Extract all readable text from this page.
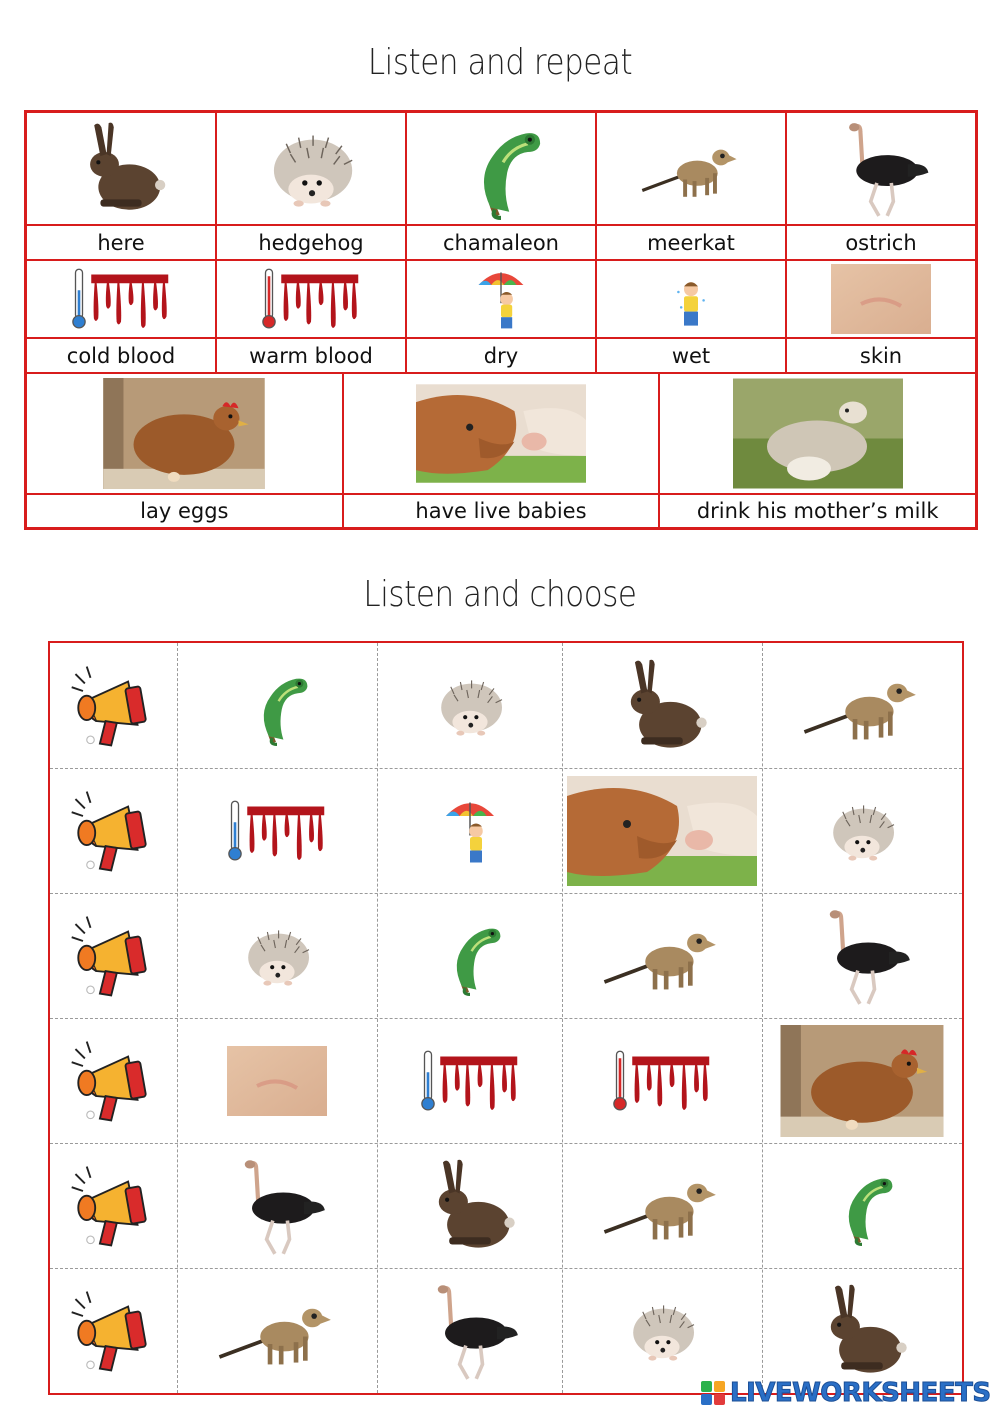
Listen and repeat
here	hedgehog	chamaleon	meerkat	ostrich
cold blood	warm blood	dry	wet	skin
lay eggs	have live babies	drink his mother’s milk
Listen and choose
LIVEWORKSHEETS
